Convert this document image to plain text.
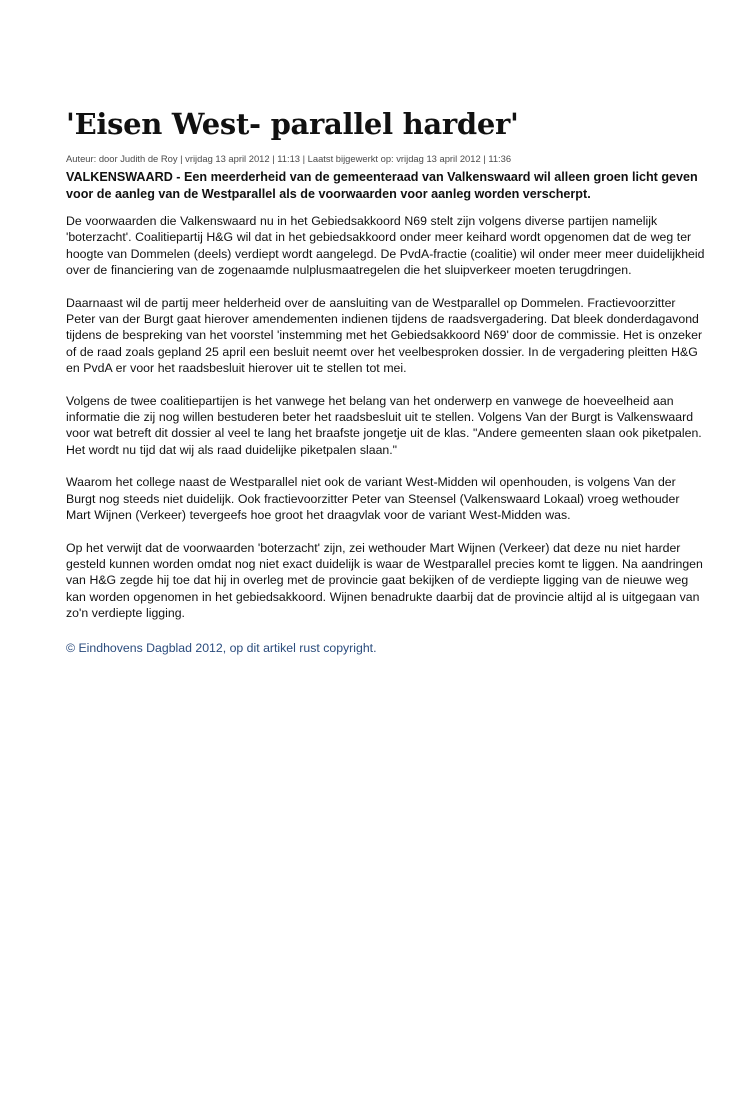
'Eisen West- parallel harder'
Auteur: door Judith de Roy | vrijdag 13 april 2012 | 11:13 | Laatst bijgewerkt op: vrijdag 13 april 2012 | 11:36
VALKENSWAARD - Een meerderheid van de gemeenteraad van Valkenswaard wil alleen groen licht geven voor de aanleg van de Westparallel als de voorwaarden voor aanleg worden verscherpt.

De voorwaarden die Valkenswaard nu in het Gebiedsakkoord N69 stelt zijn volgens diverse partijen namelijk 'boterzacht'. Coalitiepartij H&G wil dat in het gebiedsakkoord onder meer keihard wordt opgenomen dat de weg ter hoogte van Dommelen (deels) verdiept wordt aangelegd. De PvdA-fractie (coalitie) wil onder meer meer duidelijkheid over de financiering van de zogenaamde nulplusmaatregelen die het sluipverkeer moeten terugdringen.

Daarnaast wil de partij meer helderheid over de aansluiting van de Westparallel op Dommelen. Fractievoorzitter Peter van der Burgt gaat hierover amendementen indienen tijdens de raadsvergadering. Dat bleek donderdagavond tijdens de bespreking van het voorstel 'instemming met het Gebiedsakkoord N69' door de commissie. Het is onzeker of de raad zoals gepland 25 april een besluit neemt over het veelbesproken dossier. In de vergadering pleitten H&G en PvdA er voor het raadsbesluit hierover uit te stellen tot mei.

Volgens de twee coalitiepartijen is het vanwege het belang van het onderwerp en vanwege de hoeveelheid aan informatie die zij nog willen bestuderen beter het raadsbesluit uit te stellen. Volgens Van der Burgt is Valkenswaard voor wat betreft dit dossier al veel te lang het braafste jongetje uit de klas. "Andere gemeenten slaan ook piketpalen. Het wordt nu tijd dat wij als raad duidelijke piketpalen slaan."

Waarom het college naast de Westparallel niet ook de variant West-Midden wil openhouden, is volgens Van der Burgt nog steeds niet duidelijk. Ook fractievoorzitter Peter van Steensel (Valkenswaard Lokaal) vroeg wethouder Mart Wijnen (Verkeer) tevergeefs hoe groot het draagvlak voor de variant West-Midden was.

Op het verwijt dat de voorwaarden 'boterzacht' zijn, zei wethouder Mart Wijnen (Verkeer) dat deze nu niet harder gesteld kunnen worden omdat nog niet exact duidelijk is waar de Westparallel precies komt te liggen. Na aandringen van H&G zegde hij toe dat hij in overleg met de provincie gaat bekijken of de verdiepte ligging van de nieuwe weg kan worden opgenomen in het gebiedsakkoord. Wijnen benadrukte daarbij dat de provincie altijd al is uitgegaan van zo'n verdiepte ligging.

© Eindhovens Dagblad 2012, op dit artikel rust copyright.
